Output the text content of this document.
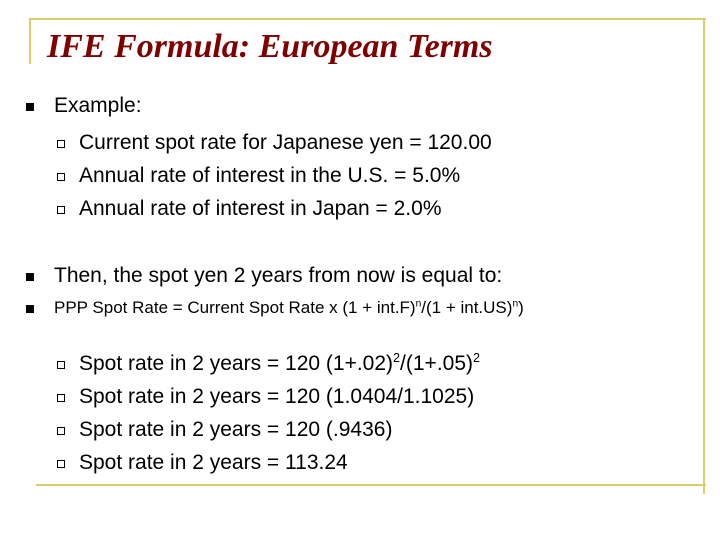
IFE Formula: European Terms
Example:
Current spot rate for Japanese yen = 120.00
Annual rate of interest in the U.S. = 5.0%
Annual rate of interest in Japan = 2.0%
Then, the spot yen 2 years from now is equal to:
PPP Spot Rate = Current Spot Rate x $(1 + int.F)^n/(1 + int.US)^n$)
Spot rate in 2 years = 120 $(1+.02)^2/(1+.05)^2$
Spot rate in 2 years = 120 (1.0404/1.1025)
Spot rate in 2 years = 120 (.9436)
Spot rate in 2 years = 113.24
